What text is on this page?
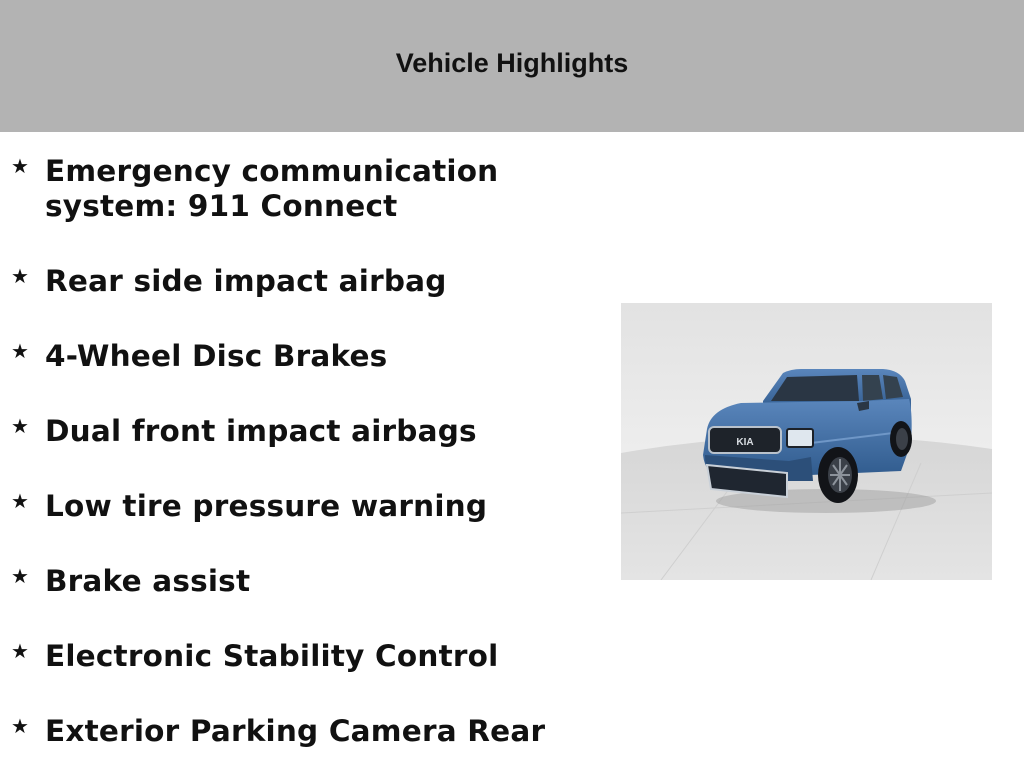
Vehicle Highlights
★ Emergency communication system: 911 Connect
★ Rear side impact airbag
★ 4-Wheel Disc Brakes
★ Dual front impact airbags
★ Low tire pressure warning
★ Brake assist
★ Electronic Stability Control
★ Exterior Parking Camera Rear
KIA
